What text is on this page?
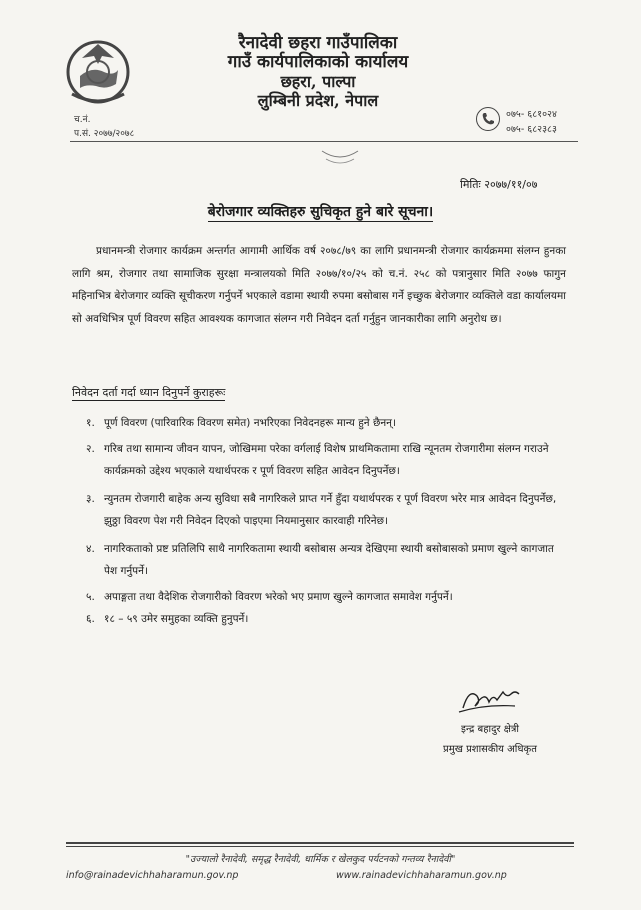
रैनादेवी छहरा गाउँपालिका
गाउँ कार्यपालिकाको कार्यालय
छहरा, पाल्पा
लुम्बिनी प्रदेश, नेपाल
च.नं.
प.सं. २०७७/२०७८
०७५- ६८१०२४
०७५- ६८२३८३
मितिः २०७७/११/०७
बेरोजगार व्यक्तिहरु सुचिकृत हुने बारे सूचना।
प्रधानमन्त्री रोजगार कार्यक्रम अन्तर्गत आगामी आर्थिक वर्ष २०७८/७९ का लागि प्रधानमन्त्री रोजगार कार्यक्रममा संलग्न हुनका लागि श्रम, रोजगार तथा सामाजिक सुरक्षा मन्त्रालयको मिति २०७७/१०/२५ को च.नं. २५८ को पत्रानुसार मिति २०७७ फागुन महिनाभित्र बेरोजगार व्यक्ति सूचीकरण गर्नुपर्ने भएकाले वडामा स्थायी रुपमा बसोबास गर्ने इच्छुक बेरोजगार व्यक्तिले वडा कार्यालयमा सो अवधिभित्र पूर्ण विवरण सहित आवश्यक कागजात संलग्न गरी निवेदन दर्ता गर्नुहुन जानकारीका लागि अनुरोध छ।
निवेदन दर्ता गर्दा ध्यान दिनुपर्ने कुराहरूः
१. पूर्ण विवरण (पारिवारिक विवरण समेत) नभरिएका निवेदनहरू मान्य हुने छैनन्।
२. गरिब तथा सामान्य जीवन यापन, जोखिममा परेका वर्गलाई विशेष प्राथमिकतामा राखि न्यूनतम रोजगारीमा संलग्न गराउने कार्यक्रमको उद्देश्य भएकाले यथार्थपरक र पूर्ण विवरण सहित आवेदन दिनुपर्नेछ।
३. न्युनतम रोजगारी बाहेक अन्य सुविधा सबै नागरिकले प्राप्त गर्ने हुँदा यथार्थपरक र पूर्ण विवरण भरेर मात्र आवेदन दिनुपर्नेछ, झुठ्ठा विवरण पेश गरी निवेदन दिएको पाइएमा नियमानुसार कारवाही गरिनेछ।
४. नागरिकताको प्रष्ट प्रतिलिपि साथै नागरिकतामा स्थायी बसोबास अन्यत्र देखिएमा स्थायी बसोबासको प्रमाण खुल्ने कागजात पेश गर्नुपर्ने।
५. अपाङ्गता तथा वैदेशिक रोजगारीको विवरण भरेको भए प्रमाण खुल्ने कागजात समावेश गर्नुपर्ने।
६. १८ – ५९ उमेर समुहका व्यक्ति हुनुपर्ने।
इन्द्र बहादुर क्षेत्री
प्रमुख प्रशासकीय अधिकृत
"उज्यालो रैनादेवी, समृद्ध रैनादेवी, धार्मिक र खेलकुद पर्यटनको गन्तव्य रैनादेवी"
info@rainadevichhaharamun.gov.np	www.rainadevichhaharamun.gov.np
